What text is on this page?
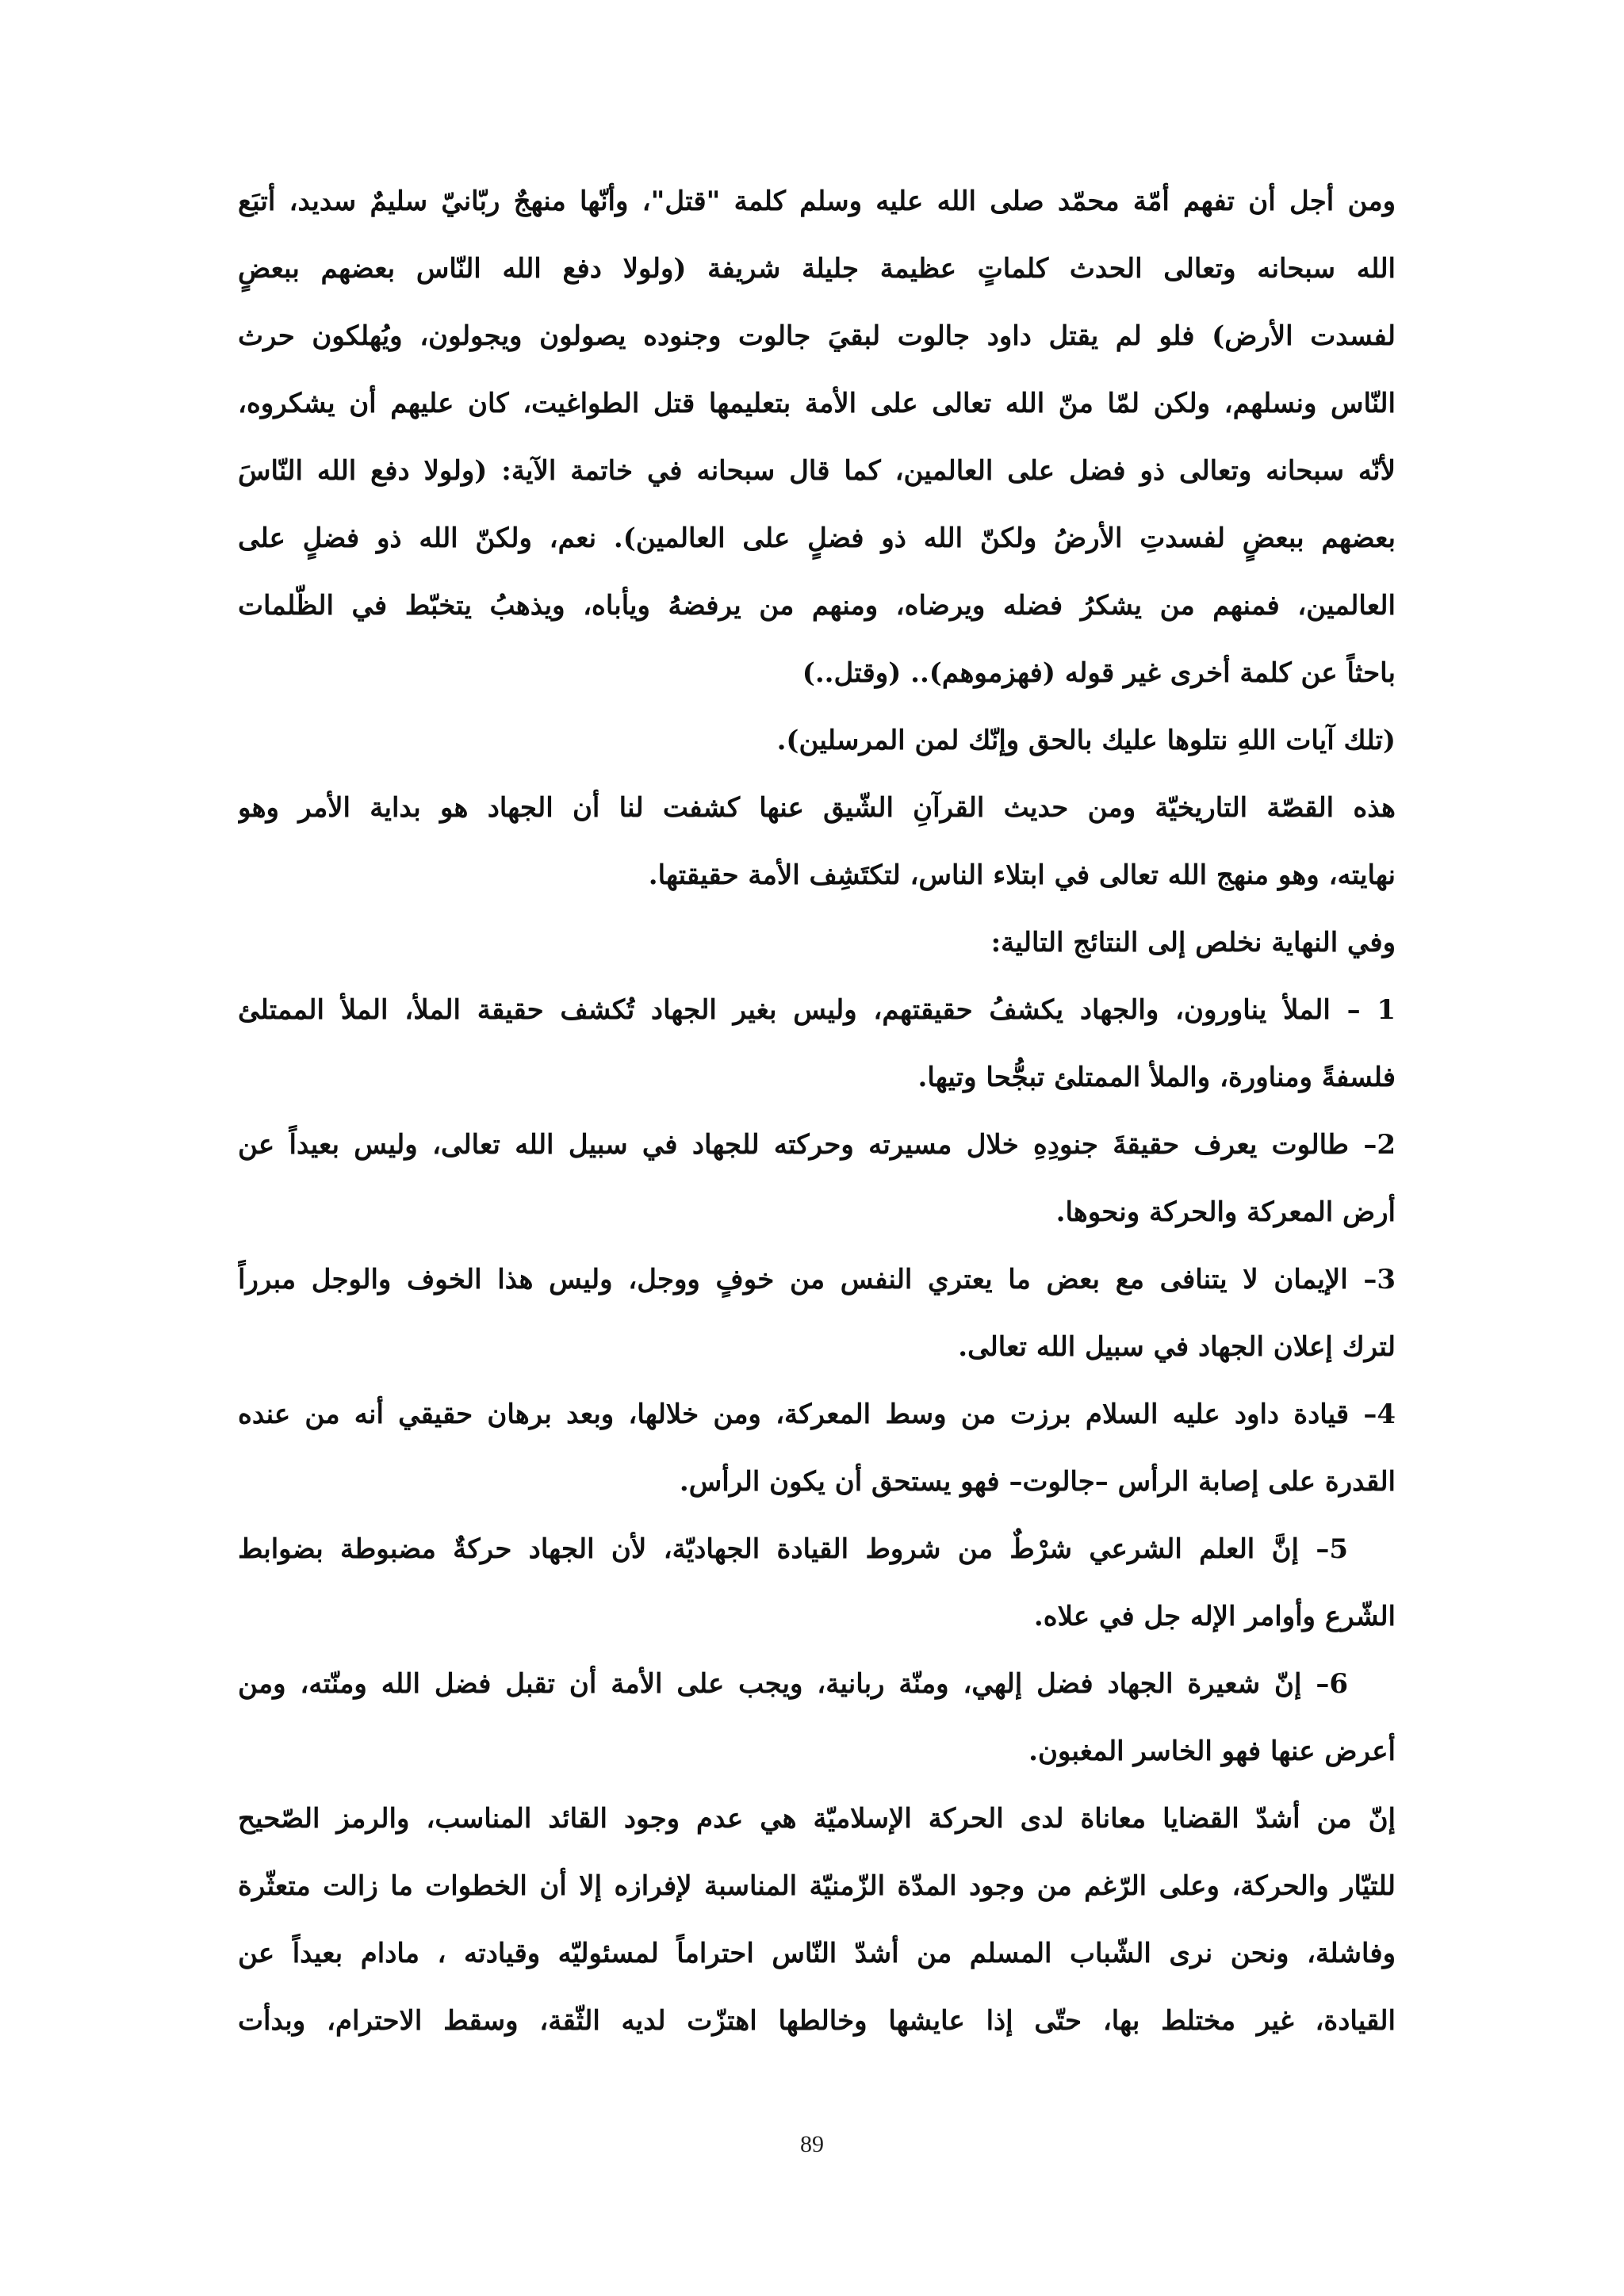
ومن أجل أن تفهم أمّة محمّد صلى الله عليه وسلم كلمة "قتل"، وأنّها منهجٌ ربّانيّ سليمٌ سديد، أتبَع
الله سبحانه وتعالى الحدث كلماتٍ عظيمة جليلة شريفة (ولولا دفع الله النّاس بعضهم ببعضٍ
لفسدت الأرض) فلو لم يقتل داود جالوت لبقيَ جالوت وجنوده يصولون ويجولون، ويُهلكون حرث
النّاس ونسلهم، ولكن لمّا منّ الله تعالى على الأمة بتعليمها قتل الطواغيت، كان عليهم أن يشكروه،
لأنّه سبحانه وتعالى ذو فضل على العالمين، كما قال سبحانه في خاتمة الآية: (ولولا دفع الله النّاسَ
بعضهم ببعضٍ لفسدتِ الأرضُ ولكنّ الله ذو فضلٍ على العالمين). نعم، ولكنّ الله ذو فضلٍ على
العالمين، فمنهم من يشكرُ فضله ويرضاه، ومنهم من يرفضهُ ويأباه، ويذهبُ يتخبّط في الظّلمات
باحثاً عن كلمة أخرى غير قوله (فهزموهم).. (وقتل..)
(تلك آيات اللهِ نتلوها عليك بالحق وإنّك لمن المرسلين).
هذه القصّة التاريخيّة ومن حديث القرآنِ الشّيق عنها كشفت لنا أن الجهاد هو بداية الأمر وهو
نهايته، وهو منهج الله تعالى في ابتلاء الناس، لتكتَشِف الأمة حقيقتها.
وفي النهاية نخلص إلى النتائج التالية:
1 – الملأ يناورون، والجهاد يكشفُ حقيقتهم، وليس بغير الجهاد تُكشف حقيقة الملأ، الملأ الممتلئ
فلسفةً ومناورة، والملأ الممتلئ تبجُّحا وتيها.
2– طالوت يعرف حقيقةَ جنودِهِ خلال مسيرته وحركته للجهاد في سبيل الله تعالى، وليس بعيداً عن
أرض المعركة والحركة ونحوها.
3– الإيمان لا يتنافى مع بعض ما يعتري النفس من خوفٍ ووجل، وليس هذا الخوف والوجل مبرراً
لترك إعلان الجهاد في سبيل الله تعالى.
4– قيادة داود عليه السلام برزت من وسط المعركة، ومن خلالها، وبعد برهان حقيقي أنه من عنده
القدرة على إصابة الرأس –جالوت– فهو يستحق أن يكون الرأس.
5– إنَّ العلم الشرعي شرْطٌ من شروط القيادة الجهاديّة، لأن الجهاد حركةٌ مضبوطة بضوابط
الشّرع وأوامر الإله جل في علاه.
6– إنّ شعيرة الجهاد فضل إلهي، ومنّة ربانية، ويجب على الأمة أن تقبل فضل الله ومنّته، ومن
أعرض عنها فهو الخاسر المغبون.
إنّ من أشدّ القضايا معاناة لدى الحركة الإسلاميّة هي عدم وجود القائد المناسب، والرمز الصّحيح
للتيّار والحركة، وعلى الرّغم من وجود المدّة الزّمنيّة المناسبة لإفرازه إلا أن الخطوات ما زالت متعثّرة
وفاشلة، ونحن نرى الشّباب المسلم من أشدّ النّاس احتراماً لمسئوليّه وقيادته ، مادام بعيداً عن
القيادة، غير مختلط بها، حتّى إذا عايشها وخالطها اهتزّت لديه الثّقة، وسقط الاحترام، وبدأت
89
